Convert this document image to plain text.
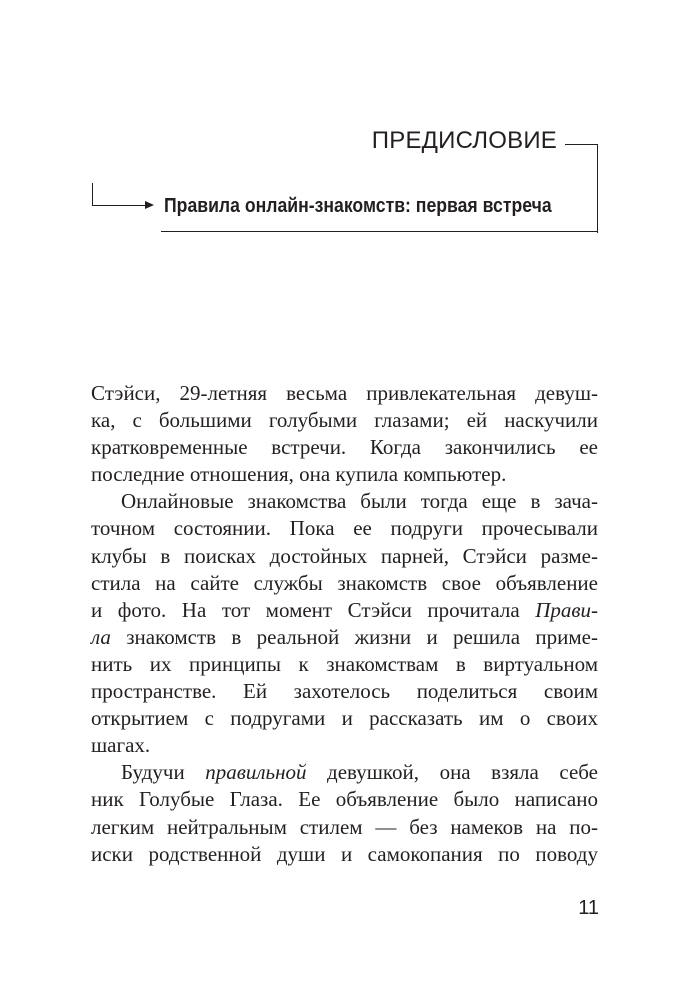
ПРЕДИСЛОВИЕ
Правила онлайн-знакомств: первая встреча

Стэйси, 29-летняя весьма привлекательная девуш-
ка, с большими голубыми глазами; ей наскучили
кратковременные встречи. Когда закончились ее
последние отношения, она купила компьютер.

Онлайновые знакомства были тогда еще в зача-
точном состоянии. Пока ее подруги прочесывали
клубы в поисках достойных парней, Стэйси разме-
стила на сайте службы знакомств свое объявление
и фото. На тот момент Стэйси прочитала Прави-
ла знакомств в реальной жизни и решила приме-
нить их принципы к знакомствам в виртуальном
пространстве. Ей захотелось поделиться своим
открытием с подругами и рассказать им о своих
шагах.

Будучи правильной девушкой, она взяла себе
ник Голубые Глаза. Ее объявление было написано
легким нейтральным стилем — без намеков на по-
иски родственной души и самокопания по поводу

11
